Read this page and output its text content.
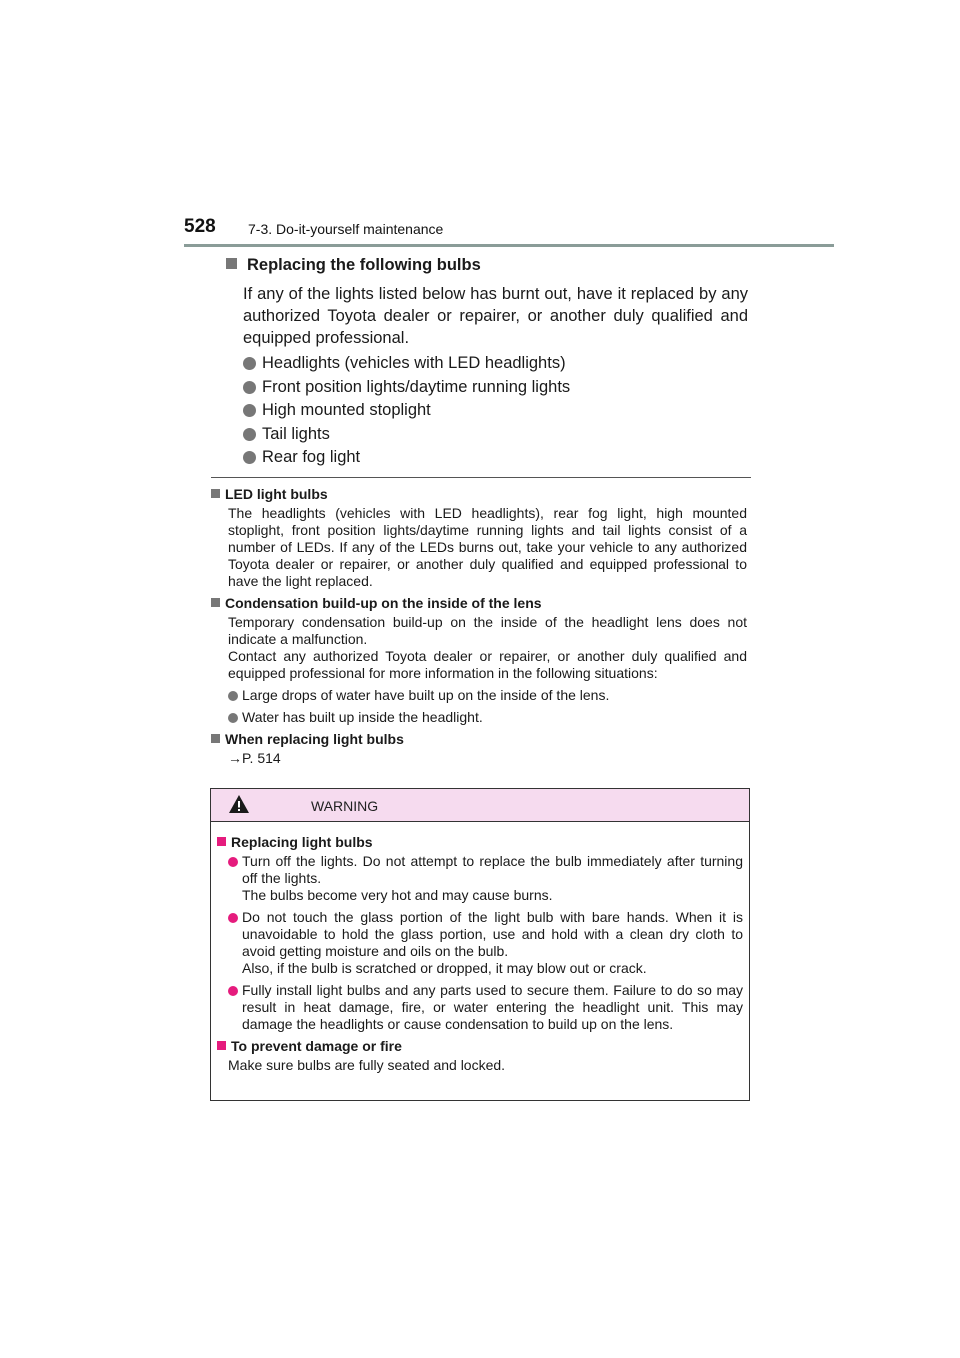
528 7-3. Do-it-yourself maintenance
Replacing the following bulbs
If any of the lights listed below has burnt out, have it replaced by any authorized Toyota dealer or repairer, or another duly qualified and equipped professional.
Headlights (vehicles with LED headlights)
Front position lights/daytime running lights
High mounted stoplight
Tail lights
Rear fog light
LED light bulbs
The headlights (vehicles with LED headlights), rear fog light, high mounted stoplight, front position lights/daytime running lights and tail lights consist of a number of LEDs. If any of the LEDs burns out, take your vehicle to any authorized Toyota dealer or repairer, or another duly qualified and equipped professional to have the light replaced.
Condensation build-up on the inside of the lens
Temporary condensation build-up on the inside of the headlight lens does not indicate a malfunction.
Contact any authorized Toyota dealer or repairer, or another duly qualified and equipped professional for more information in the following situations:
Large drops of water have built up on the inside of the lens.
Water has built up inside the headlight.
When replacing light bulbs
→P. 514
WARNING
Replacing light bulbs
Turn off the lights. Do not attempt to replace the bulb immediately after turning off the lights.
The bulbs become very hot and may cause burns.
Do not touch the glass portion of the light bulb with bare hands. When it is unavoidable to hold the glass portion, use and hold with a clean dry cloth to avoid getting moisture and oils on the bulb.
Also, if the bulb is scratched or dropped, it may blow out or crack.
Fully install light bulbs and any parts used to secure them. Failure to do so may result in heat damage, fire, or water entering the headlight unit. This may damage the headlights or cause condensation to build up on the lens.
To prevent damage or fire
Make sure bulbs are fully seated and locked.
